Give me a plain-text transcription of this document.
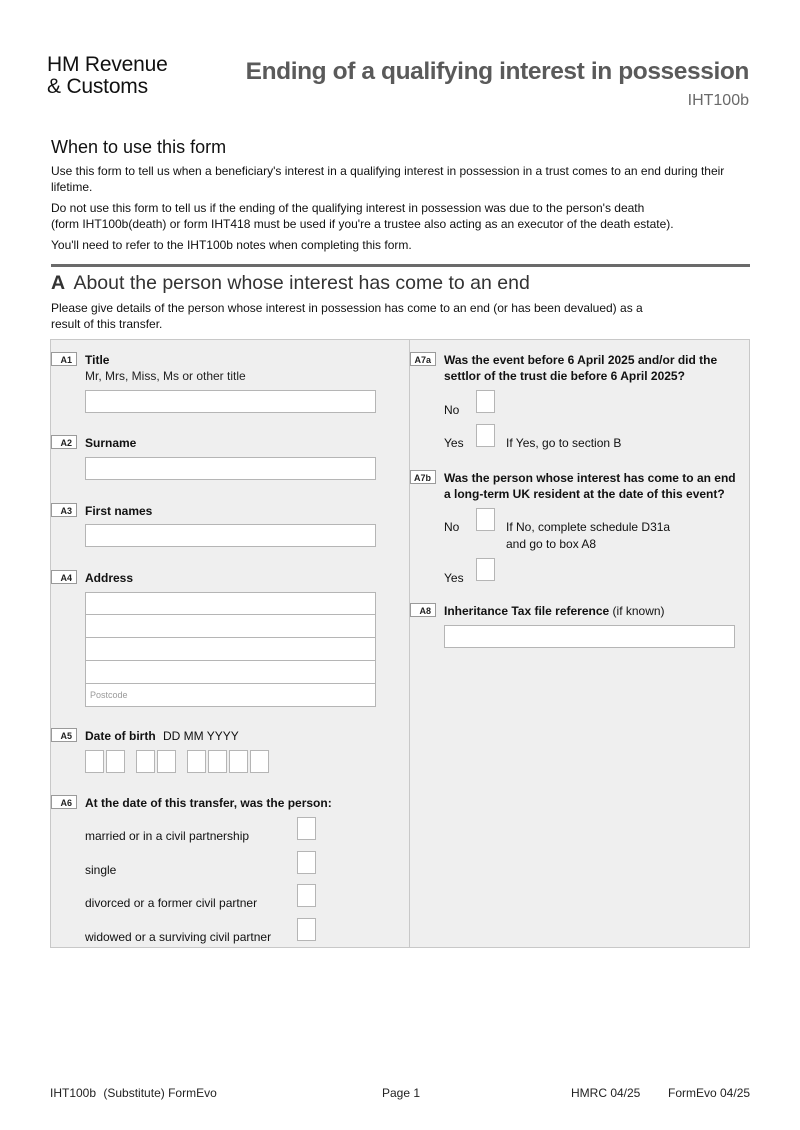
HM Revenue
& Customs
Ending of a qualifying interest in possession
IHT100b
When to use this form
Use this form to tell us when a beneficiary's interest in a qualifying interest in possession in a trust comes to an end during their lifetime.
Do not use this form to tell us if the ending of the qualifying interest in possession was due to the person's death
(form IHT100b(death) or form IHT418 must be used if you're a trustee also acting as an executor of the death estate).
You'll need to refer to the IHT100b notes when completing this form.
A About the person whose interest has come to an end
Please give details of the person whose interest in possession has come to an end (or has been devalued) as a
result of this transfer.
A1	Title
Mr, Mrs, Miss, Ms or other title
A2	Surname
A3	First names
A4	Address
Postcode
A5	Date of birth DD MM YYYY
A6	At the date of this transfer, was the person:
married or in a civil partnership
single
divorced or a former civil partner
widowed or a surviving civil partner
A7a	Was the event before 6 April 2025 and/or did the
settlor of the trust die before 6 April 2025?
No
Yes	If Yes, go to section B
A7b	Was the person whose interest has come to an end
a long-term UK resident at the date of this event?
No	If No, complete schedule D31a
and go to box A8
Yes
A8	Inheritance Tax file reference (if known)
IHT100b (Substitute) FormEvo	Page 1	HMRC 04/25 FormEvo 04/25
